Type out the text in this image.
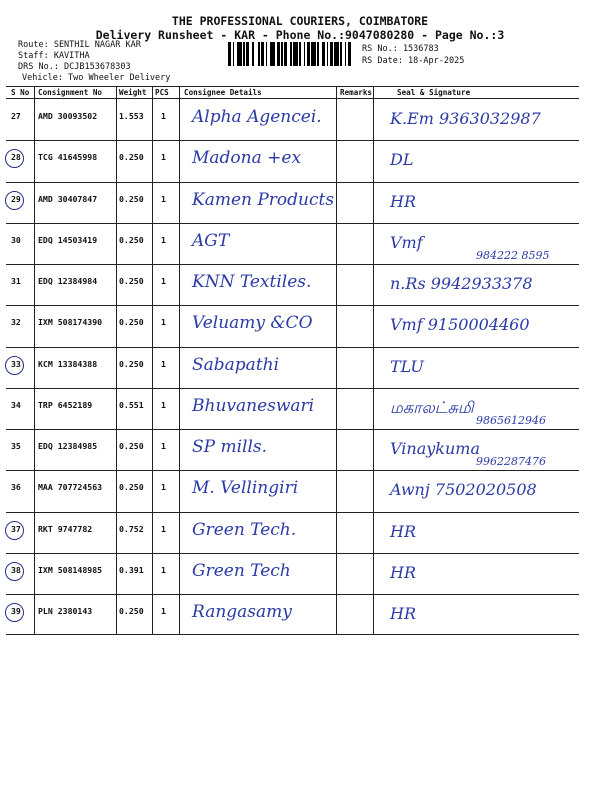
THE PROFESSIONAL COURIERS, COIMBATORE
Delivery Runsheet - KAR - Phone No.:9047080280 - Page No.:3
Route: SENTHIL NAGAR KAR
Staff: KAVITHA
DRS No.: DCJB153678303
Vehicle: Two Wheeler Delivery
RS No.: 1536783
RS Date: 18-Apr-2025
S No Consignment No Weight PCS Consignee Details	Remarks	Seal & Signature
27 AMD 30093502	1.553 1 Alpha Agencei.	K.Em 9363032987
28 TCG 41645998	0.250 1 Madona +ex	DL
29 AMD 30407847	0.250 1 Kamen Products	HR
30 EDQ 14503419	0.250 1 AGT	Vmf
984222 8595
31 EDQ 12384984	0.250 1 KNN Textiles.	n.Rs 9942933378
32 IXM 508174390 0.250 1 Veluamy &CO	Vmf 9150004460
33 KCM 13384388	0.250 1 Sabapathi	TLU
34 TRP 6452189	0.551 1 Bhuvaneswari	மகாலட்சுமி
9865612946
35 EDQ 12384985	0.250 1 SP mills.	Vinaykuma
9962287476
36 MAA 707724563 0.250 1 M. Vellingiri	Awnj 7502020508
37 RKT 9747782	0.752 1 Green Tech.	HR
38 IXM 508148985 0.391 1 Green Tech	HR
39 PLN 2380143	0.250 1 Rangasamy	HR
